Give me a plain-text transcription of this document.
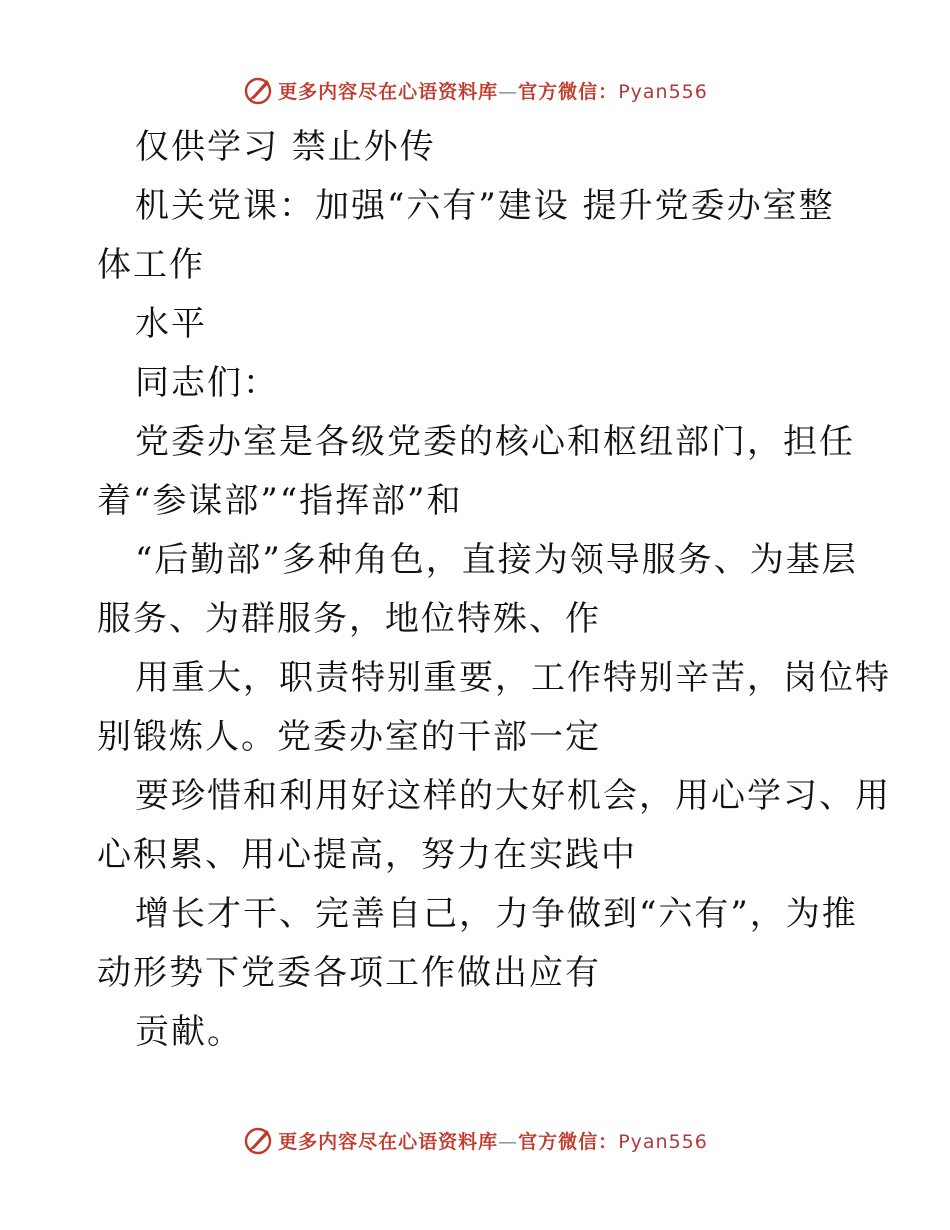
更多内容尽在心语资料库—官方微信：Pyan556
仅供学习 禁止外传
机关党课：加强“六有”建设 提升党委办室整
体工作
水平
同志们：
党委办室是各级党委的核心和枢纽部门，担任
着“参谋部”“指挥部”和
“后勤部”多种角色，直接为领导服务、为基层
服务、为群服务，地位特殊、作
用重大，职责特别重要，工作特别辛苦，岗位特
别锻炼人。党委办室的干部一定
要珍惜和利用好这样的大好机会，用心学习、用
心积累、用心提高，努力在实践中
增长才干、完善自己，力争做到“六有”，为推
动形势下党委各项工作做出应有
贡献。
更多内容尽在心语资料库—官方微信：Pyan556
